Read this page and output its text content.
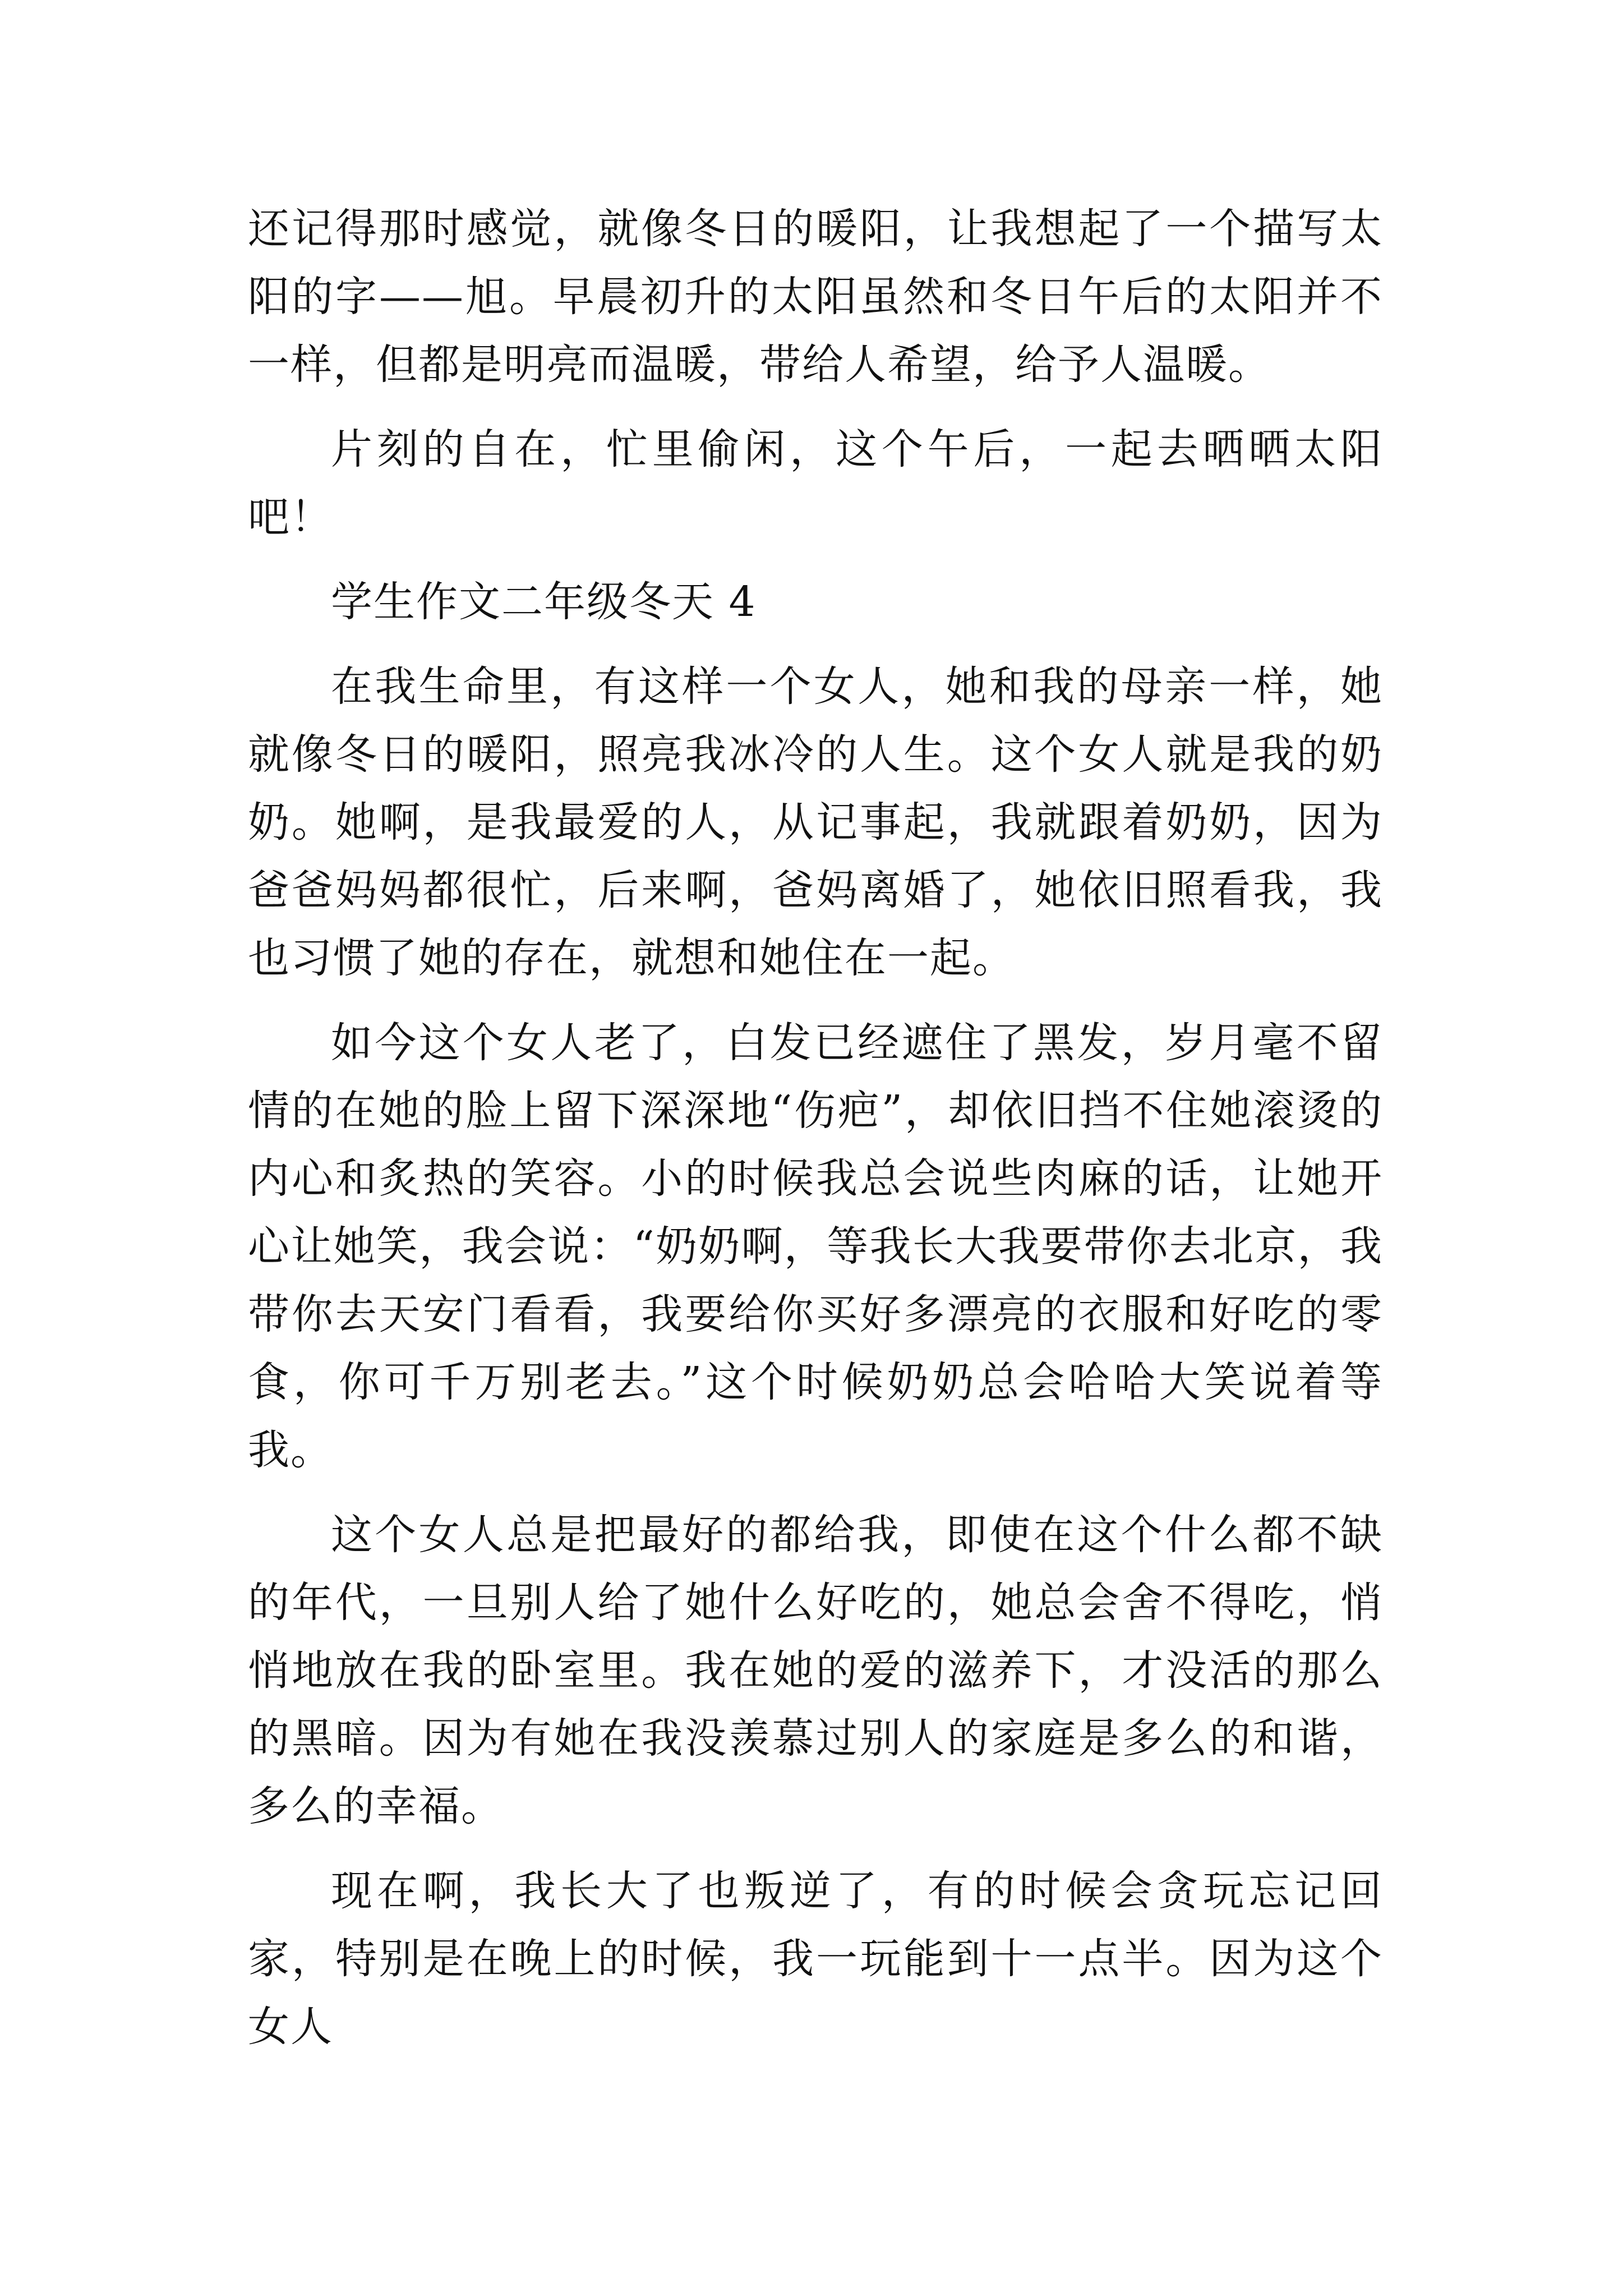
还记得那时感觉，就像冬日的暖阳，让我想起了一个描写太阳的字——旭。早晨初升的太阳虽然和冬日午后的太阳并不一样，但都是明亮而温暖，带给人希望，给予人温暖。

片刻的自在，忙里偷闲，这个午后，一起去晒晒太阳吧！

学生作文二年级冬天 4

在我生命里，有这样一个女人，她和我的母亲一样，她就像冬日的暖阳，照亮我冰冷的人生。这个女人就是我的奶奶。她啊，是我最爱的人，从记事起，我就跟着奶奶，因为爸爸妈妈都很忙，后来啊，爸妈离婚了，她依旧照看我，我也习惯了她的存在，就想和她住在一起。

如今这个女人老了，白发已经遮住了黑发，岁月毫不留情的在她的脸上留下深深地“伤疤”，却依旧挡不住她滚烫的内心和炙热的笑容。小的时候我总会说些肉麻的话，让她开心让她笑，我会说：“奶奶啊，等我长大我要带你去北京，我带你去天安门看看，我要给你买好多漂亮的衣服和好吃的零食，你可千万别老去。”这个时候奶奶总会哈哈大笑说着等我。

这个女人总是把最好的都给我，即使在这个什么都不缺的年代，一旦别人给了她什么好吃的，她总会舍不得吃，悄悄地放在我的卧室里。我在她的爱的滋养下，才没活的那么的黑暗。因为有她在我没羡慕过别人的家庭是多么的和谐，多么的幸福。

现在啊，我长大了也叛逆了，有的时候会贪玩忘记回家，特别是在晚上的时候，我一玩能到十一点半。因为这个女人
